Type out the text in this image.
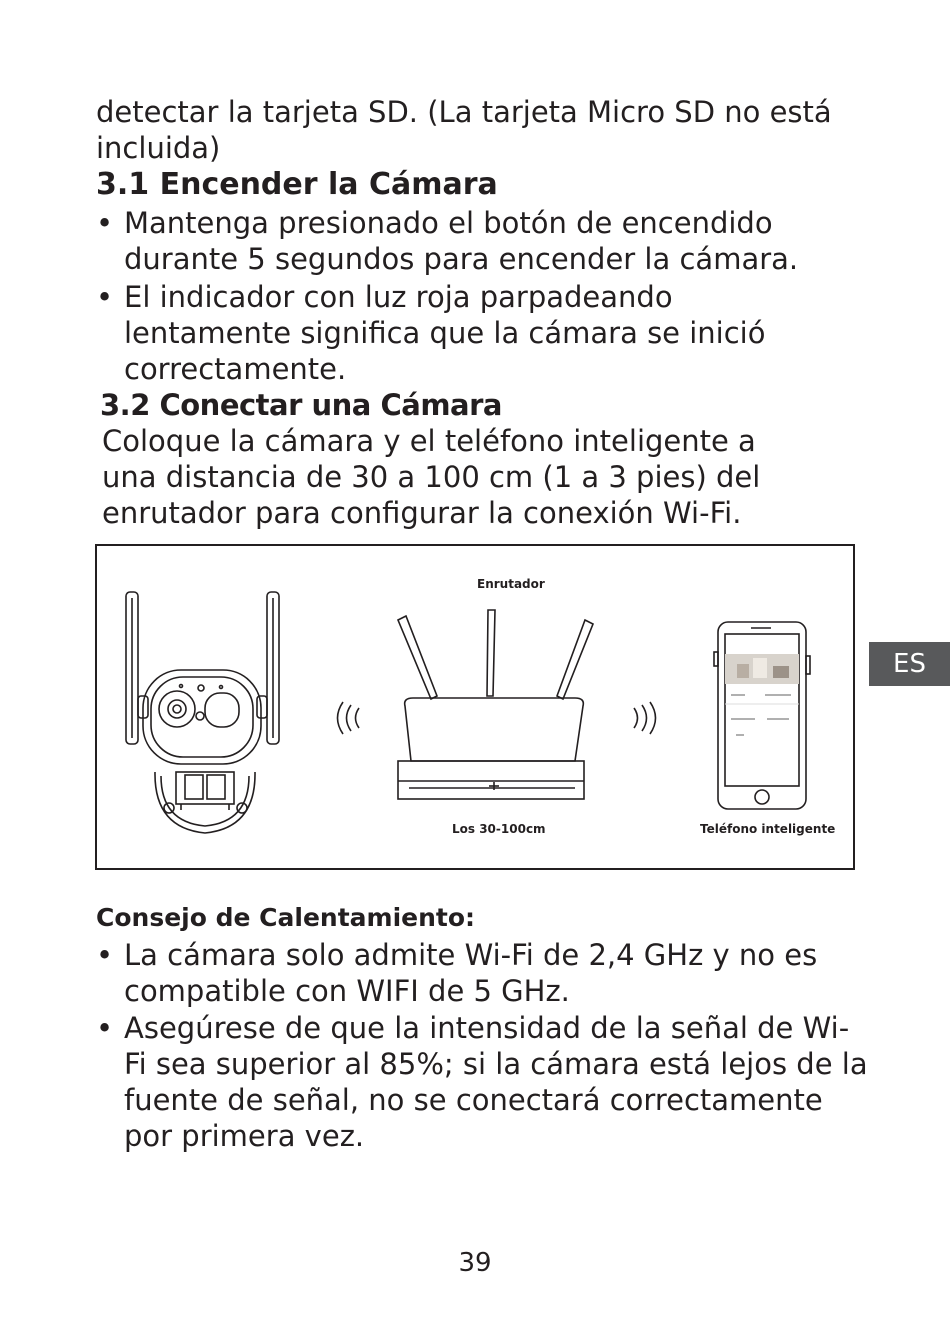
detectar la tarjeta SD. (La tarjeta Micro SD no está

incluida)

3.1 Encender la Cámara
• Mantenga presionado el botón de encendido

durante 5 segundos para encender la cámara.

• El indicador con luz roja parpadeando

lentamente significa que la cámara se inició

correctamente.

3.2 Conectar una Cámara

Coloque la cámara y el teléfono inteligente a

una distancia de 30 a 100 cm (1 a 3 pies) del

enrutador para configurar la conexión Wi-Fi.

Enrutador
Los 30-100cm	Teléfono inteligente
ES
Consejo de Calentamiento:
• La cámara solo admite Wi-Fi de 2,4 GHz y no es

compatible con WIFI de 5 GHz.

• Asegúrese de que la intensidad de la señal de Wi-

Fi sea superior al 85%; si la cámara está lejos de la

fuente de señal, no se conectará correctamente

por primera vez.

39
